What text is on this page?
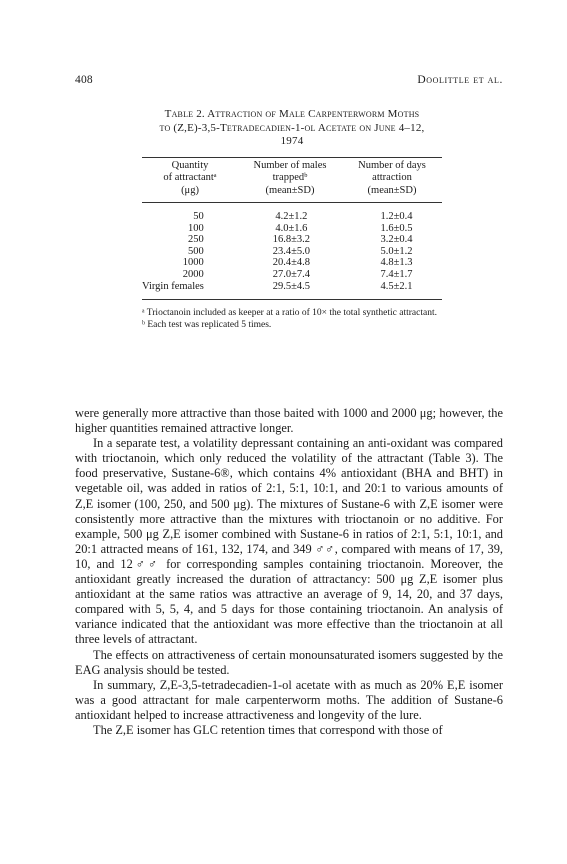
408	Doolittle et al.
Table 2. Attraction of Male Carpenterworm Moths
to (Z,E)-3,5-Tetradecadien-1-ol Acetate on June 4–12,
1974
Quantity
of attractantᵃ
(μg)

Number of males
trappedᵇ
(mean±SD)

Number of days
attraction
(mean±SD)
50	4.2±1.2	1.2±0.4
100	4.0±1.6	1.6±0.5
250	16.8±3.2	3.2±0.4
500	23.4±5.0	5.0±1.2
1000	20.4±4.8	4.8±1.3
2000	27.0±7.4	7.4±1.7
Virgin females	29.5±4.5	4.5±2.1

ᵃ Trioctanoin included as keeper at a ratio of 10× the total synthetic attractant.

ᵇ Each test was replicated 5 times.

were generally more attractive than those baited with 1000 and 2000 μg; however, the higher quantities remained attractive longer.

In a separate test, a volatility depressant containing an anti-oxidant was compared with trioctanoin, which only reduced the volatility of the attractant (Table 3). The food preservative, Sustane-6®, which contains 4% antioxidant (BHA and BHT) in vegetable oil, was added in ratios of 2:1, 5:1, 10:1, and 20:1 to various amounts of Z,E isomer (100, 250, and 500 μg). The mixtures of Sustane-6 with Z,E isomer were consistently more attractive than the mixtures with trioctanoin or no additive. For example, 500 μg Z,E isomer combined with Sustane-6 in ratios of 2:1, 5:1, 10:1, and 20:1 attracted means of 161, 132, 174, and 349 ♂♂, compared with means of 17, 39, 10, and 12♂♂ for corresponding samples containing trioctanoin. Moreover, the antioxidant greatly increased the duration of attractancy: 500 μg Z,E isomer plus antioxidant at the same ratios was attractive an average of 9, 14, 20, and 37 days, compared with 5, 5, 4, and 5 days for those containing trioctanoin. An analysis of variance indicated that the antioxidant was more effective than the trioctanoin at all three levels of attractant.

The effects on attractiveness of certain monounsaturated isomers suggested by the EAG analysis should be tested.

In summary, Z,E-3,5-tetradecadien-1-ol acetate with as much as 20% E,E isomer was a good attractant for male carpenterworm moths. The addition of Sustane-6 antioxidant helped to increase attractiveness and longevity of the lure.

The Z,E isomer has GLC retention times that correspond with those of
